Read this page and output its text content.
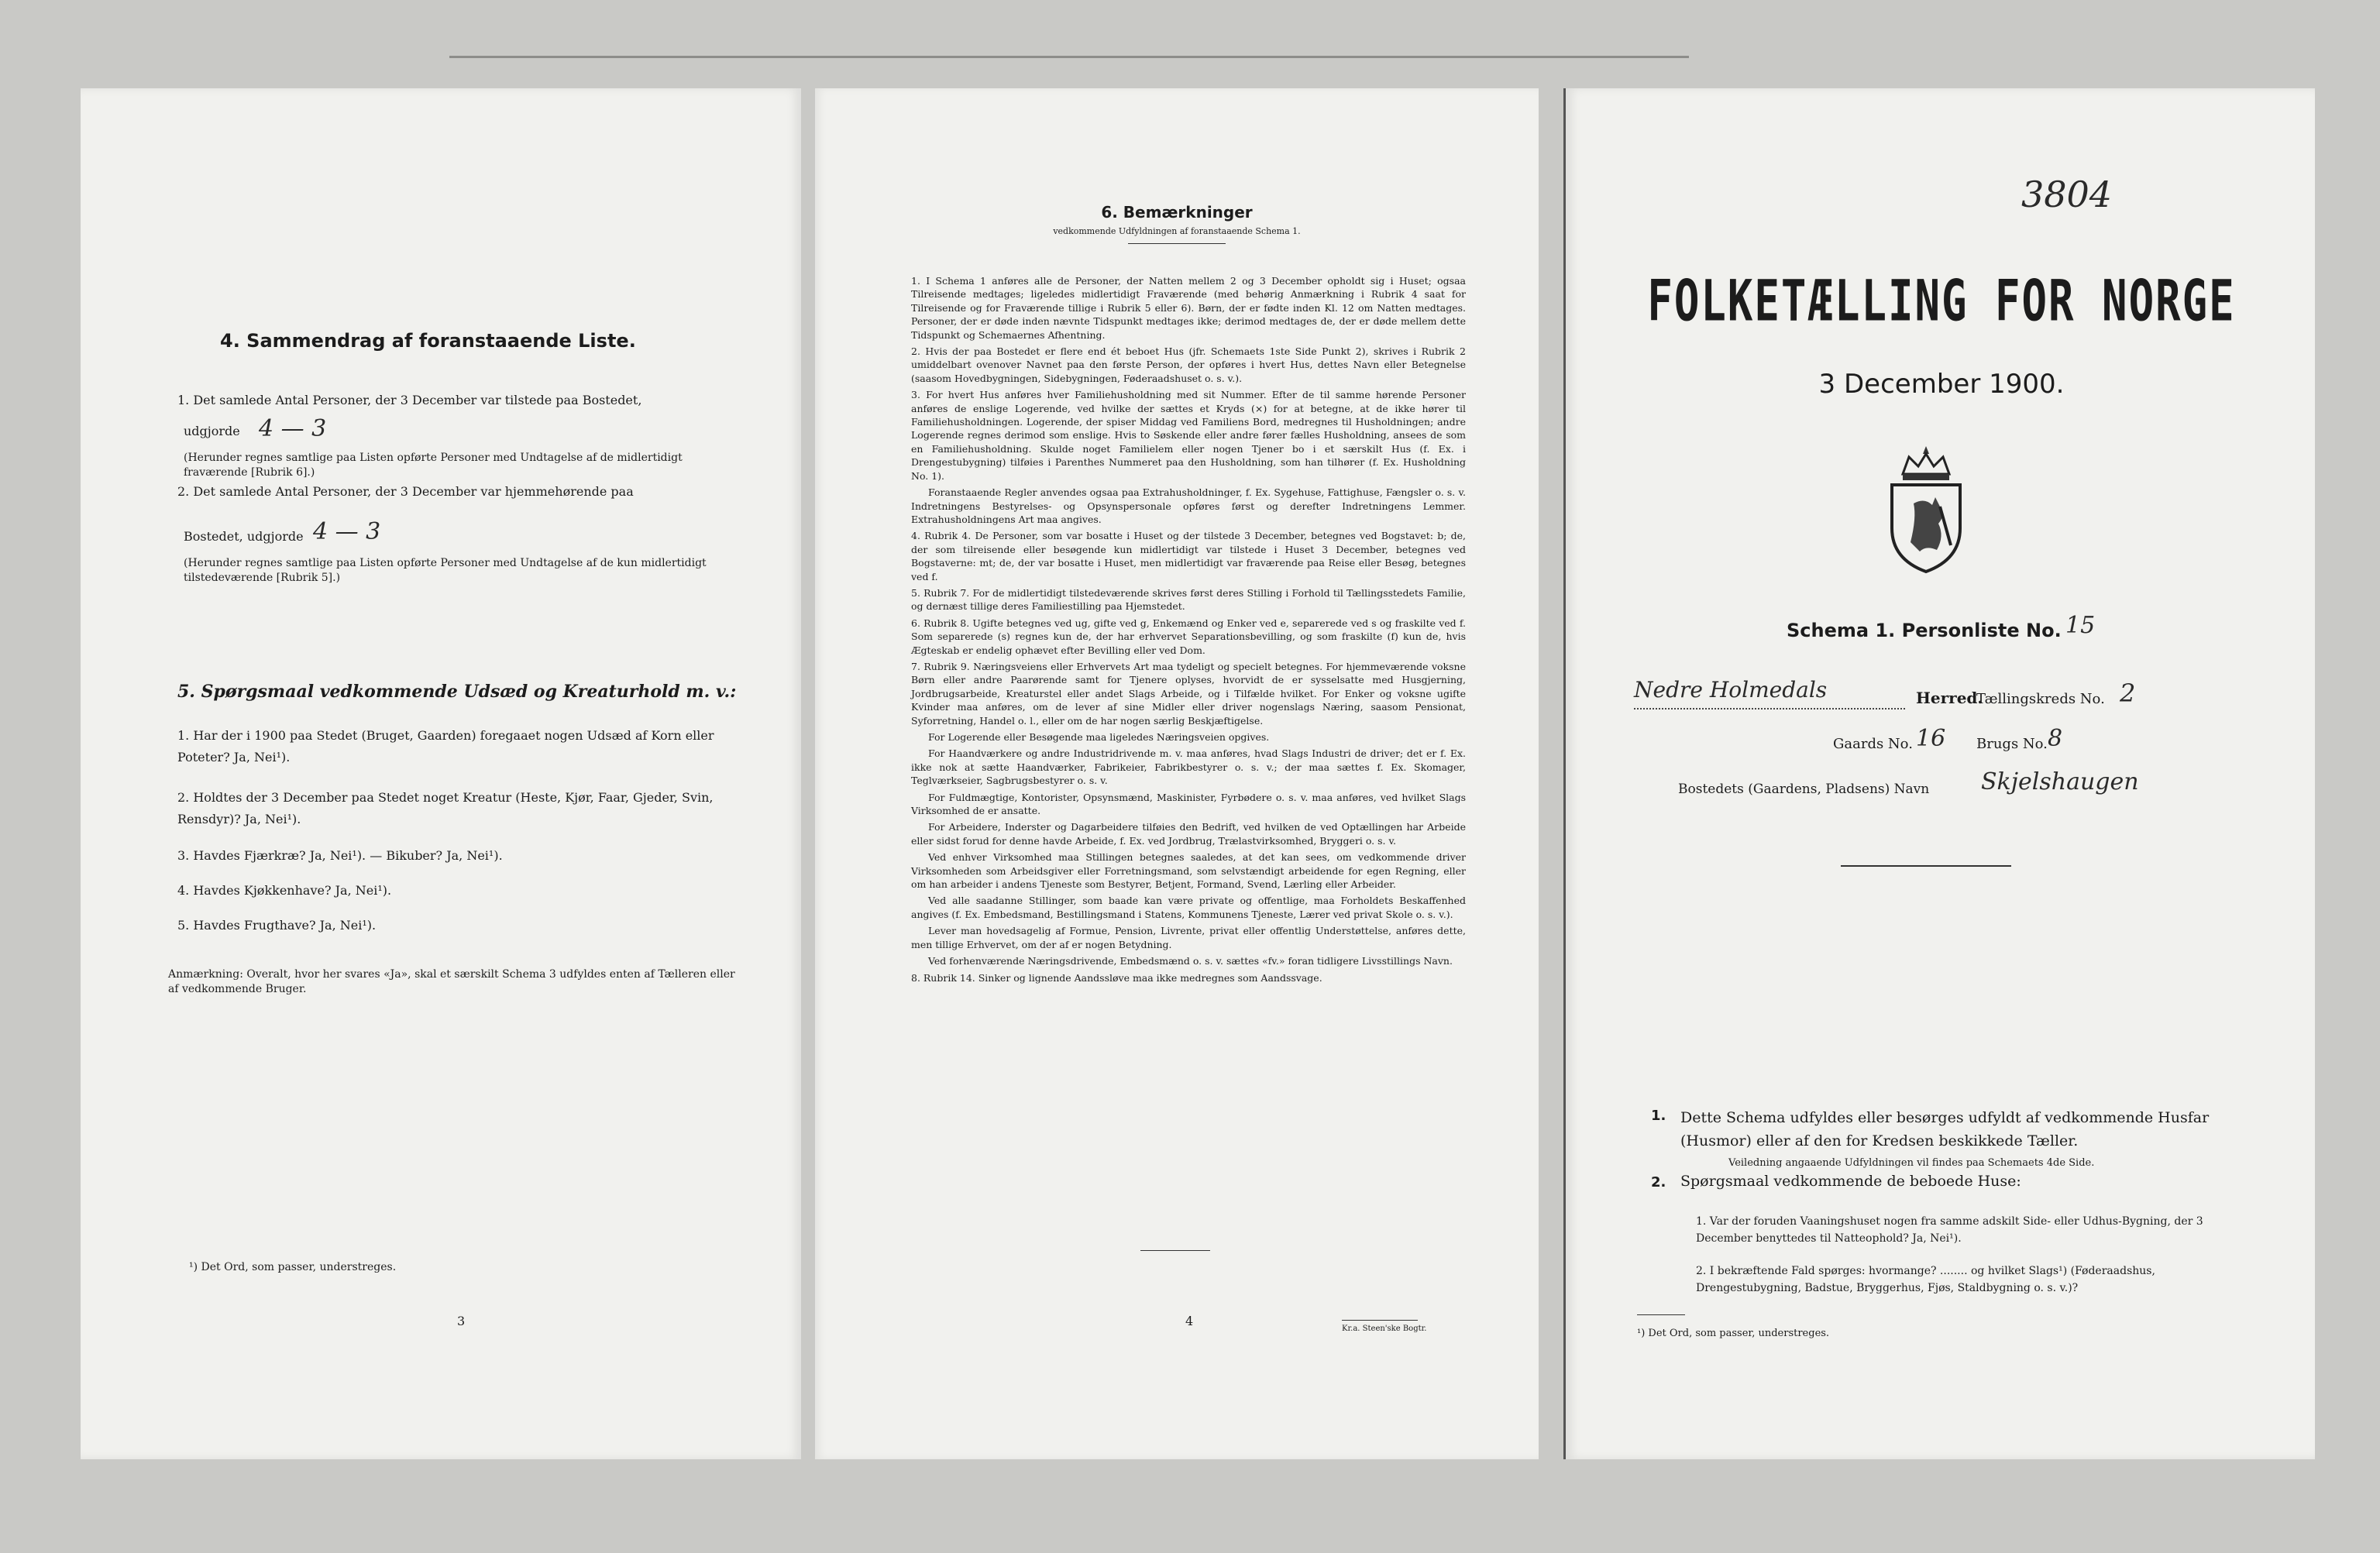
4. Sammendrag af foranstaaende Liste.
1. Det samlede Antal Personer, der 3 December var tilstede paa Bostedet,
udgjorde 4 — 3
(Herunder regnes samtlige paa Listen opførte Personer med Undtagelse af de midlertidigt fraværende [Rubrik 6].)
2. Det samlede Antal Personer, der 3 December var hjemmehørende paa
Bostedet, udgjorde 4 — 3
(Herunder regnes samtlige paa Listen opførte Personer med Undtagelse af de kun midlertidigt tilstedeværende [Rubrik 5].)
5. Spørgsmaal vedkommende Udsæd og Kreaturhold m. v.:
1. Har der i 1900 paa Stedet (Bruget, Gaarden) foregaaet nogen Udsæd af Korn eller Poteter? Ja, Nei¹).
2. Holdtes der 3 December paa Stedet noget Kreatur (Heste, Kjør, Faar, Gjeder, Svin, Rensdyr)? Ja, Nei¹).
3. Havdes Fjærkræ? Ja, Nei¹). — Bikuber? Ja, Nei¹).
4. Havdes Kjøkkenhave? Ja, Nei¹).
5. Havdes Frugthave? Ja, Nei¹).
Anmærkning: Overalt, hvor her svares «Ja», skal et særskilt Schema 3 udfyldes enten af Tælleren eller af vedkommende Bruger.
¹) Det Ord, som passer, understreges.
3
6. Bemærkninger
vedkommende Udfyldningen af foranstaaende Schema 1.
1. I Schema 1 anføres alle de Personer, der Natten mellem 2 og 3 December opholdt sig i Huset; ogsaa Tilreisende medtages; ligeledes midlertidigt Fraværende (med behørig Anmærkning i Rubrik 4 saat for Tilreisende og for Fraværende tillige i Rubrik 5 eller 6). Børn, der er fødte inden Kl. 12 om Natten medtages. Personer, der er døde inden nævnte Tidspunkt medtages ikke; derimod medtages de, der er døde mellem dette Tidspunkt og Schemaernes Afhentning.
2. Hvis der paa Bostedet er flere end ét beboet Hus (jfr. Schemaets 1ste Side Punkt 2), skrives i Rubrik 2 umiddelbart ovenover Navnet paa den første Person, der opføres i hvert Hus, dettes Navn eller Betegnelse (saasom Hovedbygningen, Sidebygningen, Føderaadshuset o. s. v.).
3. For hvert Hus anføres hver Familiehusholdning med sit Nummer. Efter de til samme hørende Personer anføres de enslige Logerende, ved hvilke der sættes et Kryds (×) for at betegne, at de ikke hører til Familiehusholdningen. Logerende, der spiser Middag ved Familiens Bord, medregnes til Husholdningen; andre Logerende regnes derimod som enslige. Hvis to Søskende eller andre fører fælles Husholdning, ansees de som en Familiehusholdning. Skulde noget Familielem eller nogen Tjener bo i et særskilt Hus (f. Ex. i Drengestubygning) tilføies i Parenthes Nummeret paa den Husholdning, som han tilhører (f. Ex. Husholdning No. 1).
Foranstaaende Regler anvendes ogsaa paa Extrahusholdninger, f. Ex. Sygehuse, Fattighuse, Fængsler o. s. v. Indretningens Bestyrelses- og Opsynspersonale opføres først og derefter Indretningens Lemmer. Extrahusholdningens Art maa angives.
4. Rubrik 4. De Personer, som var bosatte i Huset og der tilstede 3 December, betegnes ved Bogstavet: b; de, der som tilreisende eller besøgende kun midlertidigt var tilstede i Huset 3 December, betegnes ved Bogstaverne: mt; de, der var bosatte i Huset, men midlertidigt var fraværende paa Reise eller Besøg, betegnes ved f.
5. Rubrik 7. For de midlertidigt tilstedeværende skrives først deres Stilling i Forhold til Tællingsstedets Familie, og dernæst tillige deres Familiestilling paa Hjemstedet.
6. Rubrik 8. Ugifte betegnes ved ug, gifte ved g, Enkemænd og Enker ved e, separerede ved s og fraskilte ved f. Som separerede (s) regnes kun de, der har erhvervet Separationsbevilling, og som fraskilte (f) kun de, hvis Ægteskab er endelig ophævet efter Bevilling eller ved Dom.
7. Rubrik 9. Næringsveiens eller Erhvervets Art maa tydeligt og specielt betegnes. For hjemmeværende voksne Børn eller andre Paarørende samt for Tjenere oplyses, hvorvidt de er sysselsatte med Husgjerning, Jordbrugsarbeide, Kreaturstel eller andet Slags Arbeide, og i Tilfælde hvilket. For Enker og voksne ugifte Kvinder maa anføres, om de lever af sine Midler eller driver nogenslags Næring, saasom Pensionat, Syforretning, Handel o. l., eller om de har nogen særlig Beskjæftigelse.
For Logerende eller Besøgende maa ligeledes Næringsveien opgives.
For Haandværkere og andre Industridrivende m. v. maa anføres, hvad Slags Industri de driver; det er f. Ex. ikke nok at sætte Haandværker, Fabrikeier, Fabrikbestyrer o. s. v.; der maa sættes f. Ex. Skomager, Teglværkseier, Sagbrugsbestyrer o. s. v.
For Fuldmægtige, Kontorister, Opsynsmænd, Maskinister, Fyrbødere o. s. v. maa anføres, ved hvilket Slags Virksomhed de er ansatte.
For Arbeidere, Inderster og Dagarbeidere tilføies den Bedrift, ved hvilken de ved Optællingen har Arbeide eller sidst forud for denne havde Arbeide, f. Ex. ved Jordbrug, Trælastvirksomhed, Bryggeri o. s. v.
Ved enhver Virksomhed maa Stillingen betegnes saaledes, at det kan sees, om vedkommende driver Virksomheden som Arbeidsgiver eller Forretningsmand, som selvstændigt arbeidende for egen Regning, eller om han arbeider i andens Tjeneste som Bestyrer, Betjent, Formand, Svend, Lærling eller Arbeider.
Ved alle saadanne Stillinger, som baade kan være private og offentlige, maa Forholdets Beskaffenhed angives (f. Ex. Embedsmand, Bestillingsmand i Statens, Kommunens Tjeneste, Lærer ved privat Skole o. s. v.).
Lever man hovedsagelig af Formue, Pension, Livrente, privat eller offentlig Understøttelse, anføres dette, men tillige Erhvervet, om der af er nogen Betydning.
Ved forhenværende Næringsdrivende, Embedsmænd o. s. v. sættes «fv.» foran tidligere Livsstillings Navn.
8. Rubrik 14. Sinker og lignende Aandssløve maa ikke medregnes som Aandssvage.
4
Kr.a. Steen'ske Bogtr.
3804
FOLKETÆLLING FOR NORGE
3 December 1900.
Schema 1. Personliste No. 15
Nedre Holmedals	Herred.
Tællingskreds No. 2
Gaards No. 16 Brugs No. 8
Bostedets (Gaardens, Pladsens) Navn Skjelshaugen
1. Dette Schema udfyldes eller besørges udfyldt af vedkommende Husfar (Husmor) eller af den for Kredsen beskikkede Tæller.
Veiledning angaaende Udfyldningen vil findes paa Schemaets 4de Side.
2. Spørgsmaal vedkommende de beboede Huse:
1. Var der foruden Vaaningshuset nogen fra samme adskilt Side- eller Udhus-Bygning, der 3 December benyttedes til Natteophold? Ja, Nei¹).
2. I bekræftende Fald spørges: hvormange? ........ og hvilket Slags¹) (Føderaadshus, Drengestubygning, Badstue, Bryggerhus, Fjøs, Staldbygning o. s. v.)?
¹) Det Ord, som passer, understreges.
